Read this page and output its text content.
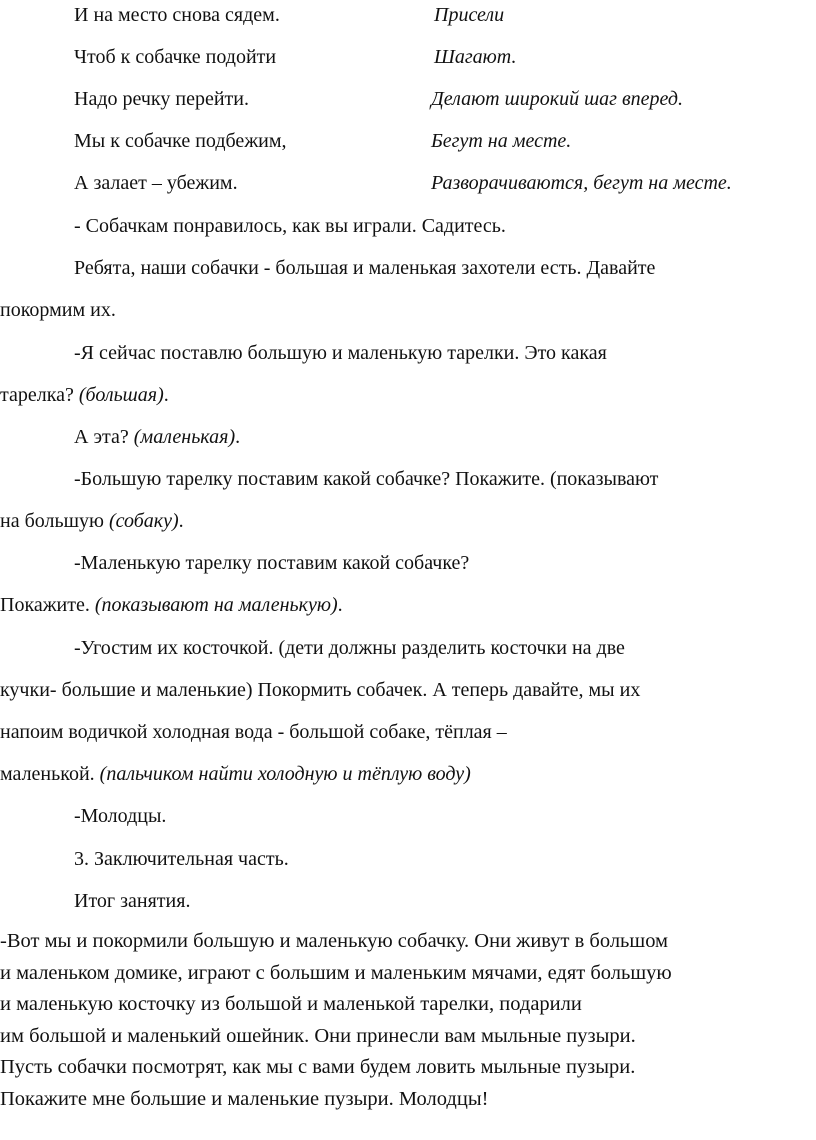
И на место снова сядем.	Присели
Чтоб к собачке подойти	Шагают.
Надо речку перейти.	Делают широкий шаг вперед.
Мы к собачке подбежим,	Бегут на месте.
А залает – убежим.	Разворачиваются, бегут на месте.
- Собачкам понравилось, как вы играли. Садитесь.
Ребята, наши собачки - большая и маленькая захотели есть. Давайте
покормим их.
-Я сейчас поставлю большую и маленькую тарелки. Это какая
тарелка? (большая).
А эта? (маленькая).
-Большую тарелку поставим какой собачке? Покажите. (показывают
на большую (собаку).
-Маленькую тарелку поставим какой собачке?
Покажите. (показывают на маленькую).
-Угостим их косточкой. (дети должны разделить косточки на две
кучки- большие и маленькие) Покормить собачек. А теперь давайте, мы их
напоим водичкой холодная вода - большой собаке, тёплая –
маленькой. (пальчиком найти холодную и тёплую воду)
-Молодцы.
3. Заключительная часть.
Итог занятия.
-Вот мы и покормили большую и маленькую собачку. Они живут в большом
и маленьком домике, играют с большим и маленьким мячами, едят большую
и маленькую косточку из большой и маленькой тарелки, подарили
им большой и маленький ошейник. Они принесли вам мыльные пузыри.
Пусть собачки посмотрят, как мы с вами будем ловить мыльные пузыри.
Покажите мне большие и маленькие пузыри. Молодцы!
